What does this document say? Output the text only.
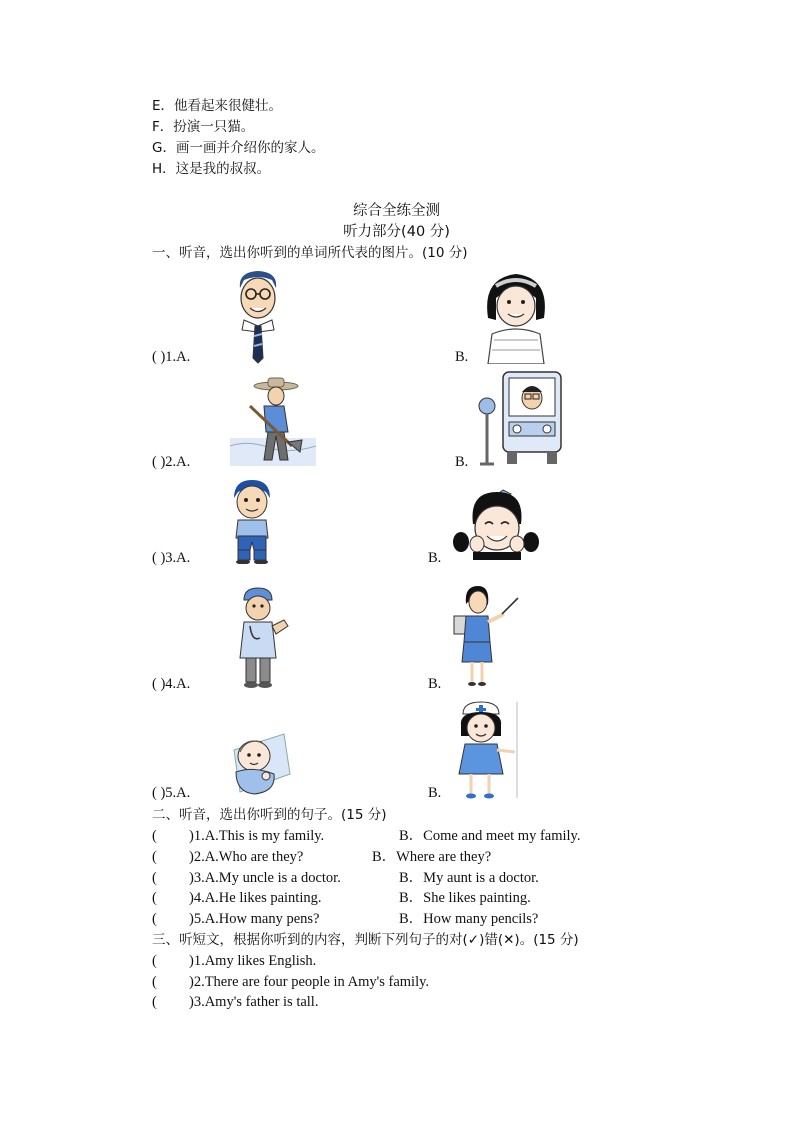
E．他看起来很健壮。
F．扮演一只猫。
G．画一画并介绍你的家人。
H．这是我的叔叔。
综合全练全测
听力部分(40 分)
一、听音，选出你听到的单词所代表的图片。(10 分)
( )1.A.	B.
( )2.A.	B.
( )3.A.	B.
( )4.A.	B.
( )5.A.	B.
二、听音，选出你听到的句子。(15 分)
( )1.A.This is my family.	B．Come and meet my family.
( )2.A.Who are they?	B．Where are they?
( )3.A.My uncle is a doctor.	B．My aunt is a doctor.
( )4.A.He likes painting.	B．She likes painting.
( )5.A.How many pens?	B．How many pencils?
三、听短文，根据你听到的内容，判断下列句子的对(✓)错(✕)。(15 分)
( )1.Amy likes English.
( )2.There are four people in Amy's family.
( )3.Amy's father is tall.
